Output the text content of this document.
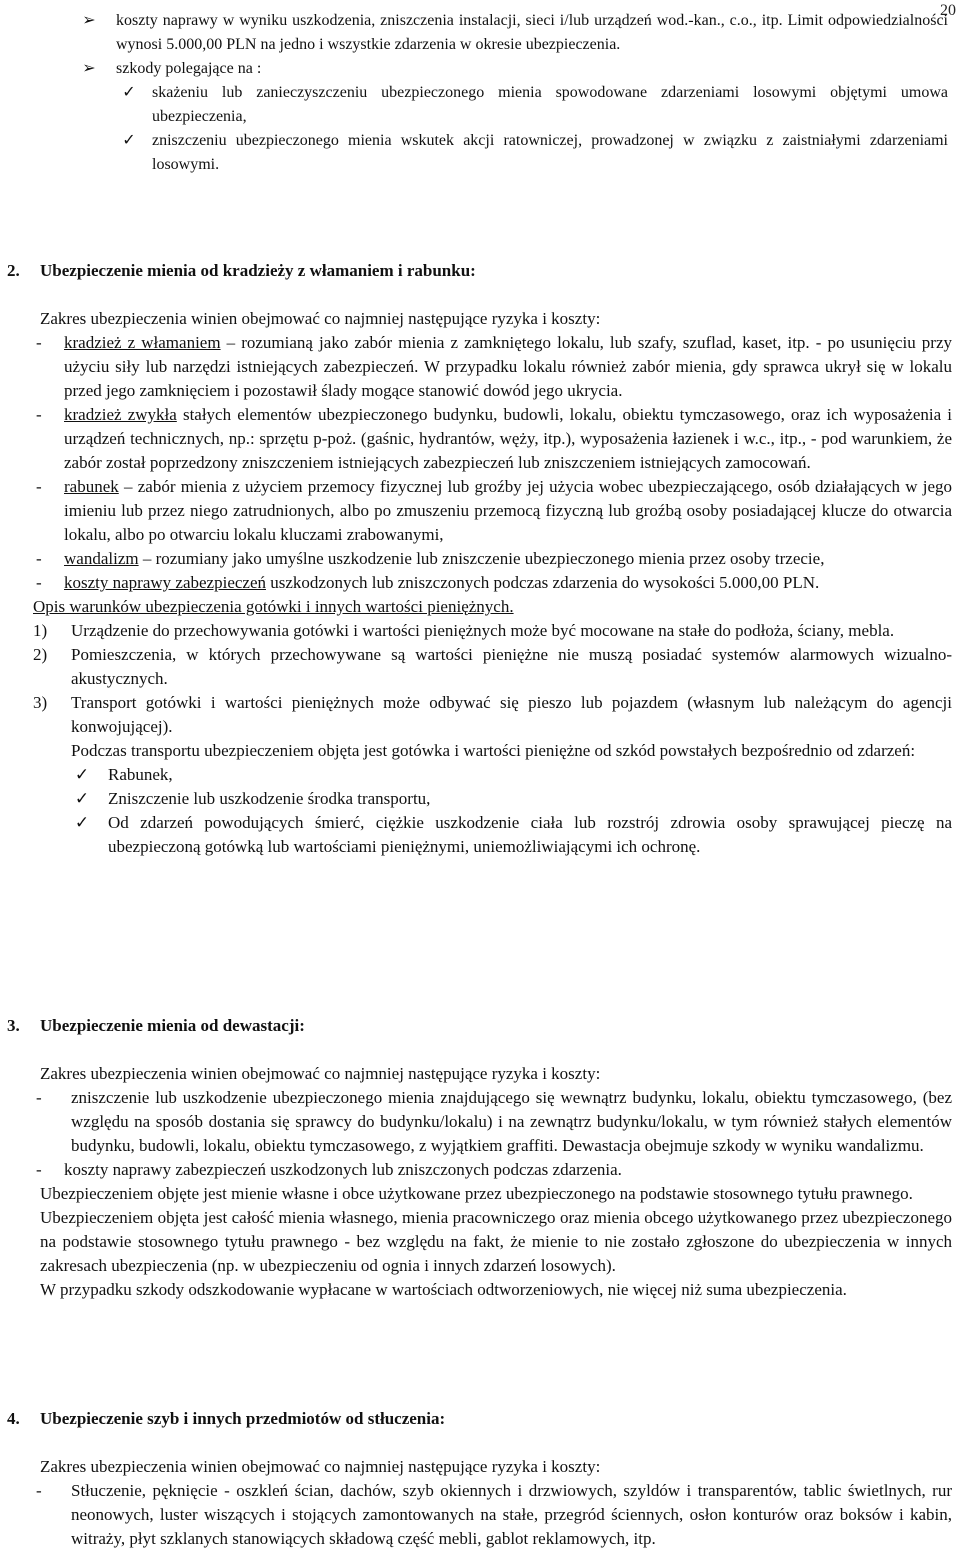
20
➢ koszty naprawy w wyniku uszkodzenia, zniszczenia instalacji, sieci i/lub urządzeń wod.-kan., c.o., itp. Limit odpowiedzialności wynosi 5.000,00 PLN na jedno i wszystkie zdarzenia w okresie ubezpieczenia.
➢ szkody polegające na :
✓ skażeniu lub zanieczyszczeniu ubezpieczonego mienia spowodowane zdarzeniami losowymi objętymi umowa ubezpieczenia,
✓ zniszczeniu ubezpieczonego mienia wskutek akcji ratowniczej, prowadzonej w związku z zaistniałymi zdarzeniami losowymi.
2. Ubezpieczenie mienia od kradzieży z włamaniem i rabunku:
Zakres ubezpieczenia winien obejmować co najmniej następujące ryzyka i koszty:
- kradzież z włamaniem – rozumianą jako zabór mienia z zamkniętego lokalu, lub szafy, szuflad, kaset, itp. - po usunięciu przy użyciu siły lub narzędzi istniejących zabezpieczeń. W przypadku lokalu również zabór mienia, gdy sprawca ukrył się w lokalu przed jego zamknięciem i pozostawił ślady mogące stanowić dowód jego ukrycia.
- kradzież zwykła stałych elementów ubezpieczonego budynku, budowli, lokalu, obiektu tymczasowego, oraz ich wyposażenia i urządzeń technicznych, np.: sprzętu p-poż. (gaśnic, hydrantów, węży, itp.), wyposażenia łazienek i w.c., itp., - pod warunkiem, że zabór został poprzedzony zniszczeniem istniejących zabezpieczeń lub zniszczeniem istniejących zamocowań.
- rabunek – zabór mienia z użyciem przemocy fizycznej lub groźby jej użycia wobec ubezpieczającego, osób działających w jego imieniu lub przez niego zatrudnionych, albo po zmuszeniu przemocą fizyczną lub groźbą osoby posiadającej klucze do otwarcia lokalu, albo po otwarciu lokalu kluczami zrabowanymi,
- wandalizm – rozumiany jako umyślne uszkodzenie lub zniszczenie ubezpieczonego mienia przez osoby trzecie,
- koszty naprawy zabezpieczeń uszkodzonych lub zniszczonych podczas zdarzenia do wysokości 5.000,00 PLN.
Opis warunków ubezpieczenia gotówki i innych wartości pieniężnych.
1) Urządzenie do przechowywania gotówki i wartości pieniężnych może być mocowane na stałe do podłoża, ściany, mebla.
2) Pomieszczenia, w których przechowywane są wartości pieniężne nie muszą posiadać systemów alarmowych wizualno-akustycznych.
3) Transport gotówki i wartości pieniężnych może odbywać się pieszo lub pojazdem (własnym lub należącym do agencji konwojującej).
Podczas transportu ubezpieczeniem objęta jest gotówka i wartości pieniężne od szkód powstałych bezpośrednio od zdarzeń:
✓ Rabunek,
✓ Zniszczenie lub uszkodzenie środka transportu,
✓ Od zdarzeń powodujących śmierć, ciężkie uszkodzenie ciała lub rozstrój zdrowia osoby sprawującej pieczę na ubezpieczoną gotówką lub wartościami pieniężnymi, uniemożliwiającymi ich ochronę.
3. Ubezpieczenie mienia od dewastacji:
Zakres ubezpieczenia winien obejmować co najmniej następujące ryzyka i koszty:
- zniszczenie lub uszkodzenie ubezpieczonego mienia znajdującego się wewnątrz budynku, lokalu, obiektu tymczasowego, (bez względu na sposób dostania się sprawcy do budynku/lokalu) i na zewnątrz budynku/lokalu, w tym również stałych elementów budynku, budowli, lokalu, obiektu tymczasowego, z wyjątkiem graffiti. Dewastacja obejmuje szkody w wyniku wandalizmu.
- koszty naprawy zabezpieczeń uszkodzonych lub zniszczonych podczas zdarzenia.
Ubezpieczeniem objęte jest mienie własne i obce użytkowane przez ubezpieczonego na podstawie stosownego tytułu prawnego.
Ubezpieczeniem objęta jest całość mienia własnego, mienia pracowniczego oraz mienia obcego użytkowanego przez ubezpieczonego na podstawie stosownego tytułu prawnego - bez względu na fakt, że mienie to nie zostało zgłoszone do ubezpieczenia w innych zakresach ubezpieczenia (np. w ubezpieczeniu od ognia i innych zdarzeń losowych).
W przypadku szkody odszkodowanie wypłacane w wartościach odtworzeniowych, nie więcej niż suma ubezpieczenia.
4. Ubezpieczenie szyb i innych przedmiotów od stłuczenia:
Zakres ubezpieczenia winien obejmować co najmniej następujące ryzyka i koszty:
- Stłuczenie, pęknięcie - oszkleń ścian, dachów, szyb okiennych i drzwiowych, szyldów i transparentów, tablic świetlnych, rur neonowych, luster wiszących i stojących zamontowanych na stałe, przegród ściennych, osłon konturów oraz boksów i kabin, witraży, płyt szklanych stanowiących składową część mebli, gablot reklamowych, itp.
